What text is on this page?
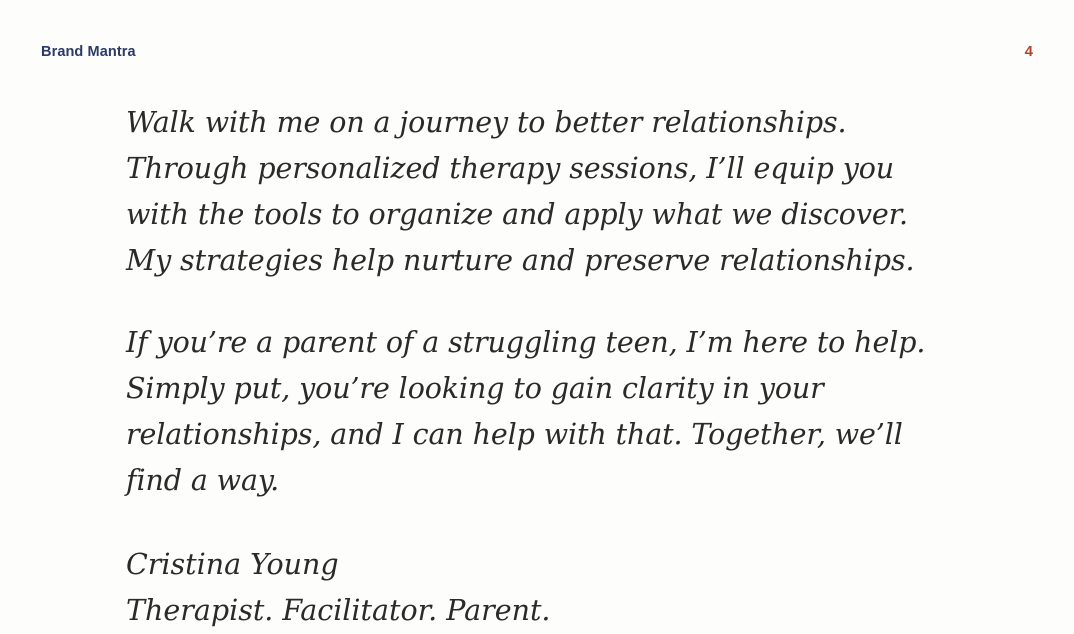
Brand Mantra	4

Walk with me on a journey to better relationships. Through personalized therapy sessions, I’ll equip you with the tools to organize and apply what we discover. My strategies help nurture and preserve relationships.

If you’re a parent of a struggling teen, I’m here to help. Simply put, you’re looking to gain clarity in your relationships, and I can help with that. Together, we’ll find a way.

Cristina Young
Therapist. Facilitator. Parent.
